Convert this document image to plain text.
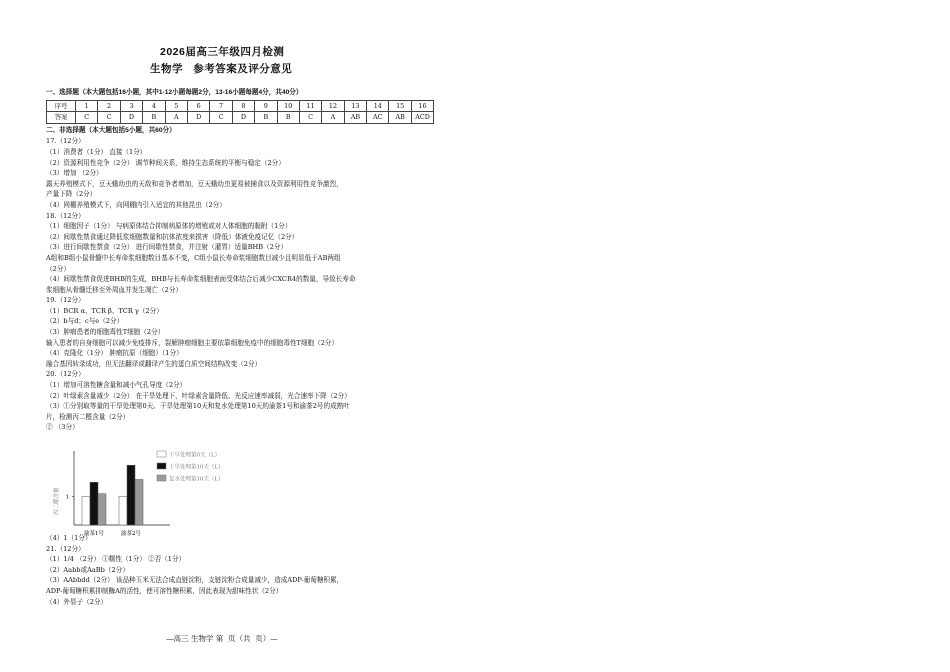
2026届高三年级四月检测
生物学   参考答案及评分意见
一、选择题（本大题包括16小题，其中1-12小题每题2分，13-16小题每题4分，共40分）
序号	1	2	3	4	5	6	7	8	9	10	11	12	13	14	15	16
答案	C	C	D	B	A	D	C	D	B	B	C	A	AB	AC	AB	ACD
二、非选择题（本大题包括5小题，共60分）
17.（12分）
（1）消费者（1分） 直接（1分）
（2）资源利用性竞争（2分） 调节种间关系，维持生态系统的平衡与稳定（2分）
（3）增加 （2分）
露天养殖模式下，豆天蛾幼虫的天敌和竞争者增加，豆天蛾幼虫更易被捕食以及资源利用性竞争激烈，
产量下降（2分）
（4）网棚养殖模式下，向网棚内引入适宜的其他昆虫（2分）
18.（12分）
（1）细胞因子（1分） 与病原体结合抑制病原体的增殖或对人体细胞的黏附（1分）
（2）间歇性禁食通过降低浆细胞数量和抗体浓度来损害（降低）体液免疫记忆（2分）
（3）进行间歇性禁食（2分） 进行间歇性禁食，并注射（灌胃）适量BHB（2分）
A组和B组小鼠骨髓中长寿命浆细胞数目基本不变，C组小鼠长寿命浆细胞数目减少且明显低于AB两组
（2分）
（4）间歇性禁食促进BHB的生成，BHB与长寿命浆细胞表面受体结合后减少CXCR4的数量，导致长寿命
浆细胞从骨髓迁移至外周血并发生凋亡（2分）
19.（12分）
（1）BCR α、TCR β、TCR γ（2分）
（2）b与d；c与e（2分）
（3）肿瘤患者的细胞毒性T细胞（2分）
输入患者的自身细胞可以减少免疫排斥，裂解肿瘤细胞主要依靠细胞免疫中的细胞毒性T细胞（2分）
（4）克隆化（1分） 肿瘤抗原（细胞）（1分）
融合基因转录成功，但无法翻译或翻译产生的蛋白质空间结构改变（2分）
20.（12分）
（1）增加可溶性糖含量和减小气孔导度（2分）
（2）叶绿素含量减少（2分） 在干旱处理下，叶绿素含量降低、光反应速率减弱，光合速率下降（2分）
（3）①分别取等量的干旱处理第0天、干旱处理第10天和复水处理第10天的渝茶1号和渝茶2号的成熟叶
片，检测丙二醛含量（2分）
② （3分）
（4）1（1分）
21.（12分）
（1）1/4 （2分） ①糯性（1分） ②否（1分）
（2）Aabb或AaBb（2分）
（3）AAbbdd（2分） 该品种玉米无法合成直链淀粉，支链淀粉合成量减少，造成ADP-葡萄糖积累，
ADP-葡萄糖积累抑制酶A的活性，使可溶性糖积累，因此表现为甜味性状（2分）
（4）外显子（2分）
1
丙二醛含量
渝茶1号	渝茶2号
干旱处理第0天（L）
干旱处理第10天（L）
复水处理第10天（L）
—高三 生物学 第  页（共  页）—
